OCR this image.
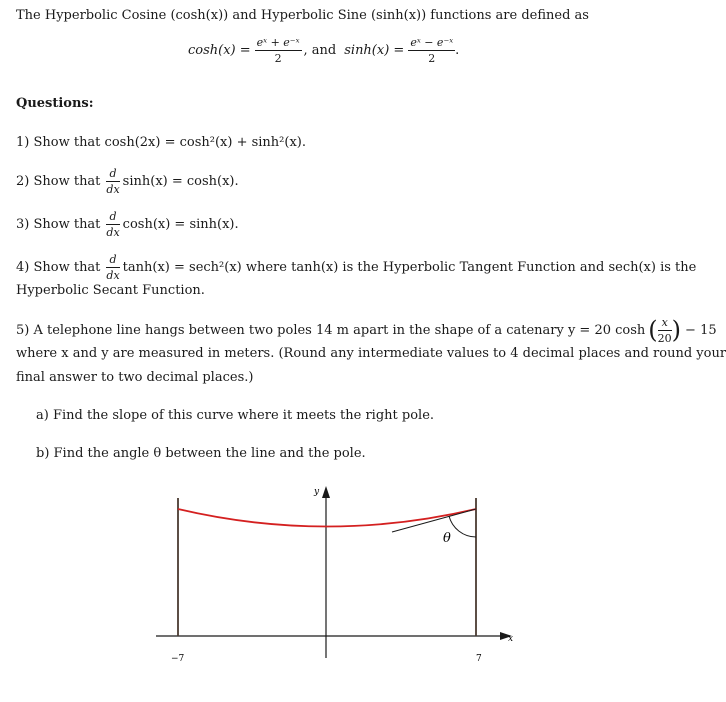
The Hyperbolic Cosine (cosh(x)) and Hyperbolic Sine (sinh(x)) functions are defined as
$\cosh(x) = \frac{\text{eˣ + e⁻ˣ}}{2}$ , and $\sinh(x) = \frac{\text{eˣ − e⁻ˣ}}{2}$ .
Questions:
1) Show that cosh(2x) = cosh²(x) + sinh²(x).
2) Show that $\frac{d}{dx} \sinh(x) = \cosh(x)$.
3) Show that $\frac{d}{dx} \cosh(x) = \sinh(x)$.
4) Show that $\frac{d}{dx} \tanh(x) = \sec h^2(x)$ where tanh(x) is the Hyperbolic Tangent Function and sech(x) is the
Hyperbolic Secant Function.
5) A telephone line hangs between two poles 14 m apart in the shape of a catenary y = 20 cosh ( $\frac{x}{20}$ ) − 15
where x and y are measured in meters. (Round any intermediate values to 4 decimal places and round your
final answer to two decimal places.)
a) Find the slope of this curve where it meets the right pole.
b) Find the angle θ between the line and the pole.
y
x
θ
−7	7
